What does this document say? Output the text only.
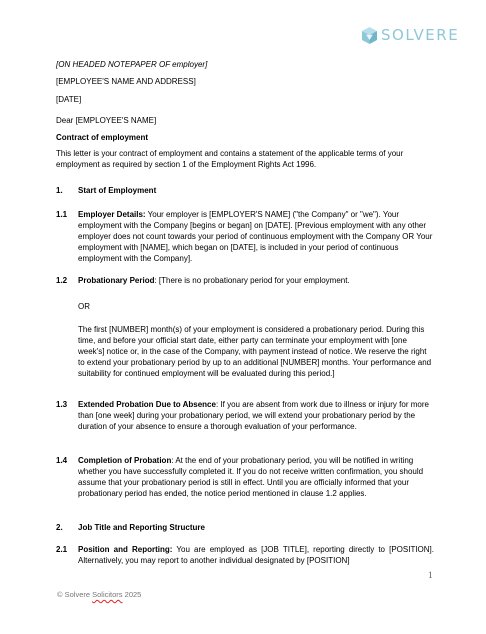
SOLVERE
[ON HEADED NOTEPAPER OF employer]
[EMPLOYEE'S NAME AND ADDRESS]
[DATE]
Dear [EMPLOYEE'S NAME]
Contract of employment
This letter is your contract of employment and contains a statement of the applicable terms of your employment as required by section 1 of the Employment Rights Act 1996.
1. Start of Employment
1.1 Employer Details: Your employer is [EMPLOYER'S NAME] ("the Company" or "we"). Your employment with the Company [begins or began] on [DATE]. [Previous employment with any other employer does not count towards your period of continuous employment with the Company OR Your employment with [NAME], which began on [DATE], is included in your period of continuous employment with the Company].
1.2 Probationary Period: [There is no probationary period for your employment.
OR
The first [NUMBER] month(s) of your employment is considered a probationary period. During this time, and before your official start date, either party can terminate your employment with [one week's] notice or, in the case of the Company, with payment instead of notice. We reserve the right to extend your probationary period by up to an additional [NUMBER] months. Your performance and suitability for continued employment will be evaluated during this period.]
1.3 Extended Probation Due to Absence: If you are absent from work due to illness or injury for more than [one week] during your probationary period, we will extend your probationary period by the duration of your absence to ensure a thorough evaluation of your performance.
1.4 Completion of Probation: At the end of your probationary period, you will be notified in writing whether you have successfully completed it. If you do not receive written confirmation, you should assume that your probationary period is still in effect. Until you are officially informed that your probationary period has ended, the notice period mentioned in clause 1.2 applies.
2. Job Title and Reporting Structure
2.1 Position and Reporting: You are employed as [JOB TITLE], reporting directly to [POSITION]. Alternatively, you may report to another individual designated by [POSITION]
1
© Solvere Solicitors 2025
